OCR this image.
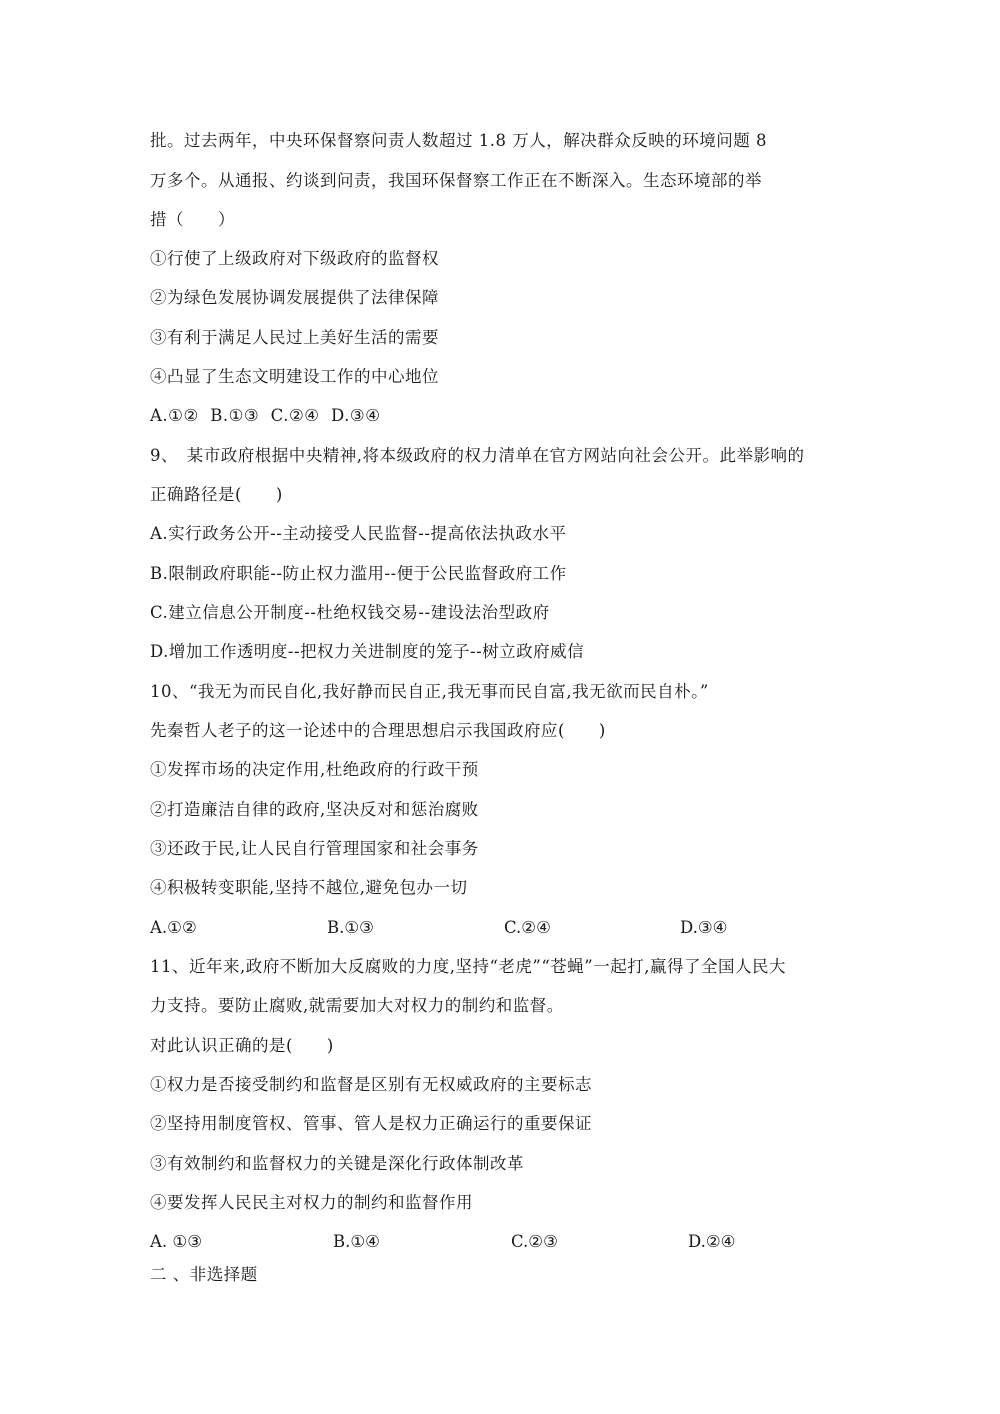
批。过去两年，中央环保督察问责人数超过 1.8 万人，解决群众反映的环境问题 8
万多个。从通报、约谈到问责，我国环保督察工作正在不断深入。生态环境部的举
措（　　）
①行使了上级政府对下级政府的监督权
②为绿色发展协调发展提供了法律保障
③有利于满足人民过上美好生活的需要
④凸显了生态文明建设工作的中心地位
A.①②  B.①③  C.②④  D.③④
9、　某市政府根据中央精神,将本级政府的权力清单在官方网站向社会公开。此举影响的
正确路径是(　　)
A.实行政务公开--主动接受人民监督--提高依法执政水平
B.限制政府职能--防止权力滥用--便于公民监督政府工作
C.建立信息公开制度--杜绝权钱交易--建设法治型政府
D.增加工作透明度--把权力关进制度的笼子--树立政府威信
10、“我无为而民自化,我好静而民自正,我无事而民自富,我无欲而民自朴。”
先秦哲人老子的这一论述中的合理思想启示我国政府应(　　)
①发挥市场的决定作用,杜绝政府的行政干预
②打造廉洁自律的政府,坚决反对和惩治腐败
③还政于民,让人民自行管理国家和社会事务
④积极转变职能,坚持不越位,避免包办一切
A.①②	B.①③	C.②④	D.③④
11、近年来,政府不断加大反腐败的力度,坚持“老虎”“苍蝇”一起打,赢得了全国人民大
力支持。要防止腐败,就需要加大对权力的制约和监督。
对此认识正确的是(　　)
①权力是否接受制约和监督是区别有无权威政府的主要标志
②坚持用制度管权、管事、管人是权力正确运行的重要保证
③有效制约和监督权力的关键是深化行政体制改革
④要发挥人民民主对权力的制约和监督作用
A. ①③	B.①④	C.②③	D.②④
二 、非选择题
